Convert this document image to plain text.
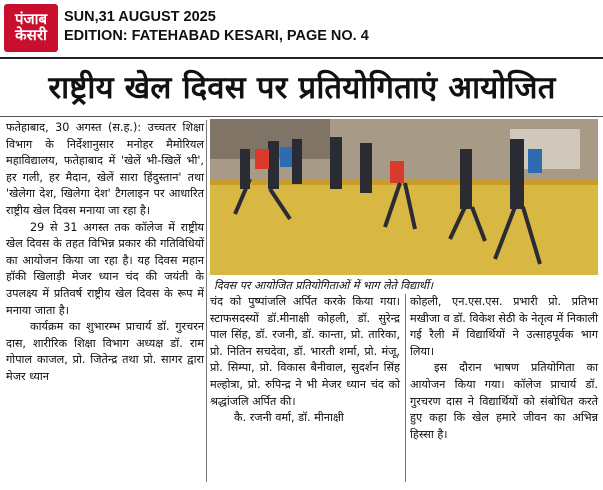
पंजाब
केसरी
SUN,31 AUGUST 2025
EDITION: FATEHABAD KESARI, PAGE NO. 4
राष्ट्रीय खेल दिवस पर प्रतियोगिताएं आयोजित

फतेहाबाद, 30 अगस्त (स.ह.): उच्चतर शिक्षा विभाग के निर्देशानुसार मनोहर मैमोरियल महाविद्यालय, फतेहाबाद में 'खेलें भी-खिलें भी', हर गली, हर मैदान, खेलें सारा हिंदुस्तान' तथा 'खेलेगा देश, खिलेगा देश' टैगलाइन पर आधारित राष्ट्रीय खेल दिवस मनाया जा रहा है।

29 से 31 अगस्त तक कॉलेज में राष्ट्रीय खेल दिवस के तहत विभिन्न प्रकार की गतिविधियों का आयोजन किया जा रहा है। यह दिवस महान हॉकी खिलाड़ी मेजर ध्यान चंद की जयंती के उपलक्ष्य में प्रतिवर्ष राष्ट्रीय खेल दिवस के रूप में मनाया जाता है।

कार्यक्रम का शुभारम्भ प्राचार्य डॉ. गुरचरन दास, शारीरिक शिक्षा विभाग अध्यक्ष डॉ. राम गोपाल काजल, प्रो. जितेन्द्र तथा प्रो. सागर द्वारा मेजर ध्यान

दिवस पर आयोजित प्रतियोगिताओं में भाग लेते विद्यार्थी।

चंद को पुष्पांजलि अर्पित करके किया गया।स्टाफसदस्यों डॉ.मीनाक्षी कोहली, डॉ. सुरेन्द्र पाल सिंह, डॉ. रजनी, डॉ. कान्ता, प्रो. तारिका, प्रो. नितिन सचदेवा, डॉ. भारती शर्मा, प्रो. मंजू, प्रो. सिम्पा, प्रो. विकास बैनीवाल, सुदर्शन सिंह मल्होत्रा, प्रो. रुपिन्द्र ने भी मेजर ध्यान चंद को श्रद्धांजलि अर्पित की।

कै. रजनी वर्मा, डॉ. मीनाक्षी

कोहली, एन.एस.एस. प्रभारी प्रो. प्रतिभा मखीजा व डॉ. विकेश सेठी के नेतृत्व में निकाली गई रैली में विद्यार्थियों ने उत्साहपूर्वक भाग लिया।

इस दौरान भाषण प्रतियोगिता का आयोजन किया गया। कॉलेज प्राचार्य डॉ. गुरचरण दास ने विद्यार्थियों को संबोधित करते हुए कहा कि खेल हमारे जीवन का अभिन्न हिस्सा है।
